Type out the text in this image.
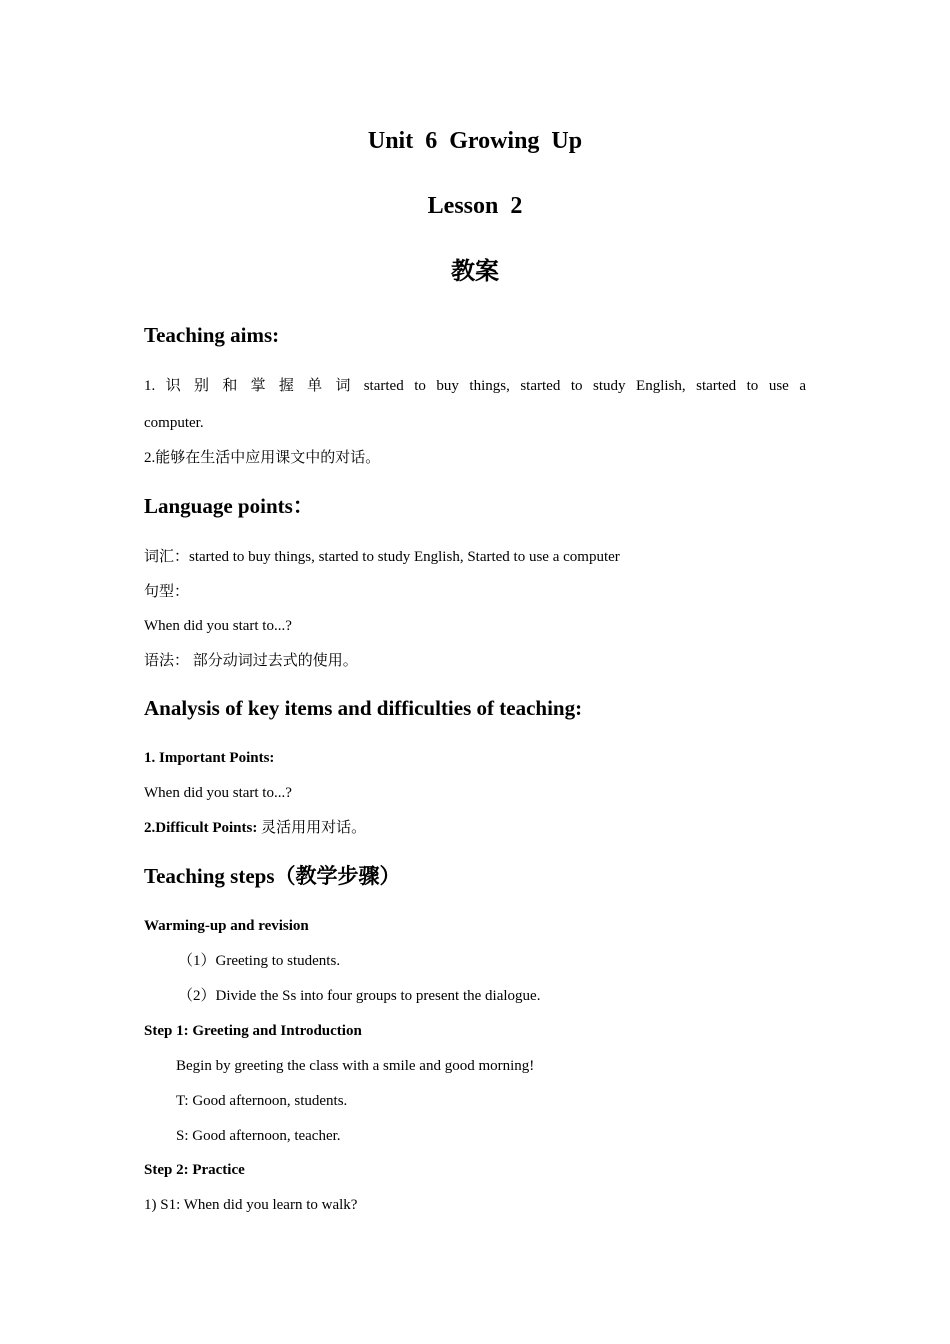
Unit 6 Growing Up
Lesson 2
教案
Teaching aims:
1. 识 别 和 掌 握 单 词 started to buy things, started to study English, started to use a
computer.
2.能够在生活中应用课文中的对话。
Language points：
词汇：started to buy things, started to study English, Started to use a computer
句型：
When did you start to...?
语法： 部分动词过去式的使用。
Analysis of key items and difficulties of teaching:
1. Important Points:
When did you start to...?
2.Difficult Points: 灵活用用对话。
Teaching steps（教学步骤）
Warming-up and revision
（1）Greeting to students.
（2）Divide the Ss into four groups to present the dialogue.
Step 1: Greeting and Introduction
Begin by greeting the class with a smile and good morning!
T: Good afternoon, students.
S: Good afternoon, teacher.
Step 2: Practice
1) S1: When did you learn to walk?
